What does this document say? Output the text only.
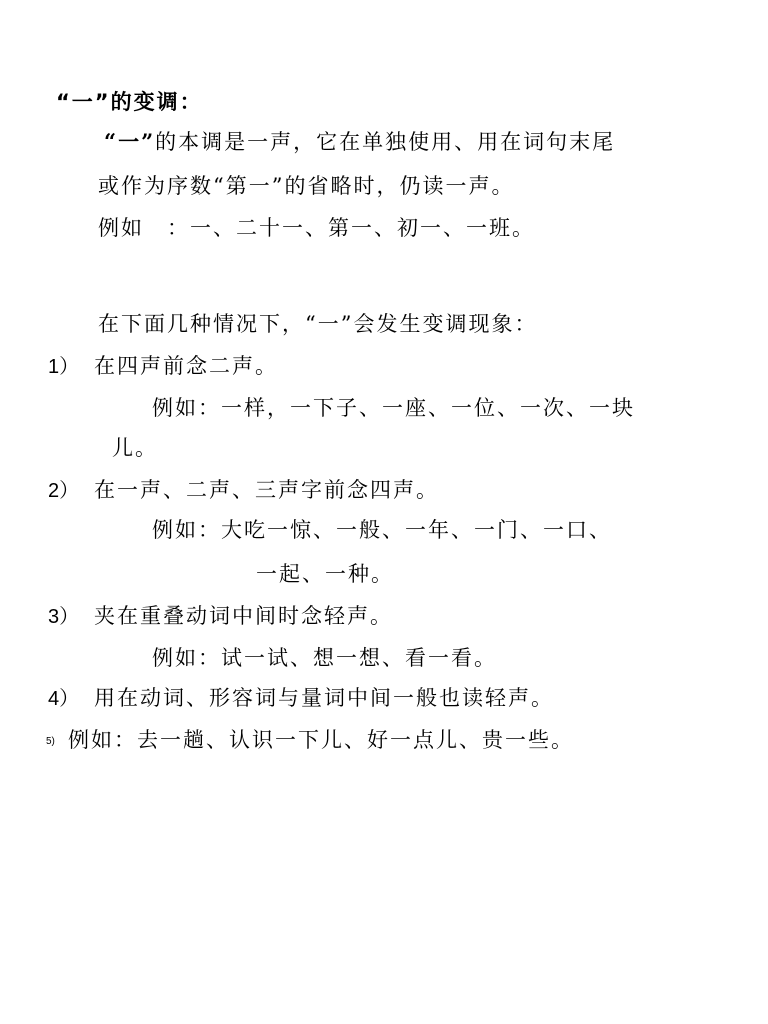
“一”的变调：
“一”的本调是一声，它在单独使用、用在词句末尾
或作为序数“第一”的省略时，仍读一声。
例如　：一、二十一、第一、初一、一班。
在下面几种情况下，“一”会发生变调现象：
1） 在四声前念二声。
例如：一样，一下子、一座、一位、一次、一块
儿。
2） 在一声、二声、三声字前念四声。
例如：大吃一惊、一般、一年、一门、一口、
一起、一种。
3） 夹在重叠动词中间时念轻声。
例如：试一试、想一想、看一看。
4） 用在动词、形容词与量词中间一般也读轻声。
5) 例如：去一趟、认识一下儿、好一点儿、贵一些。
